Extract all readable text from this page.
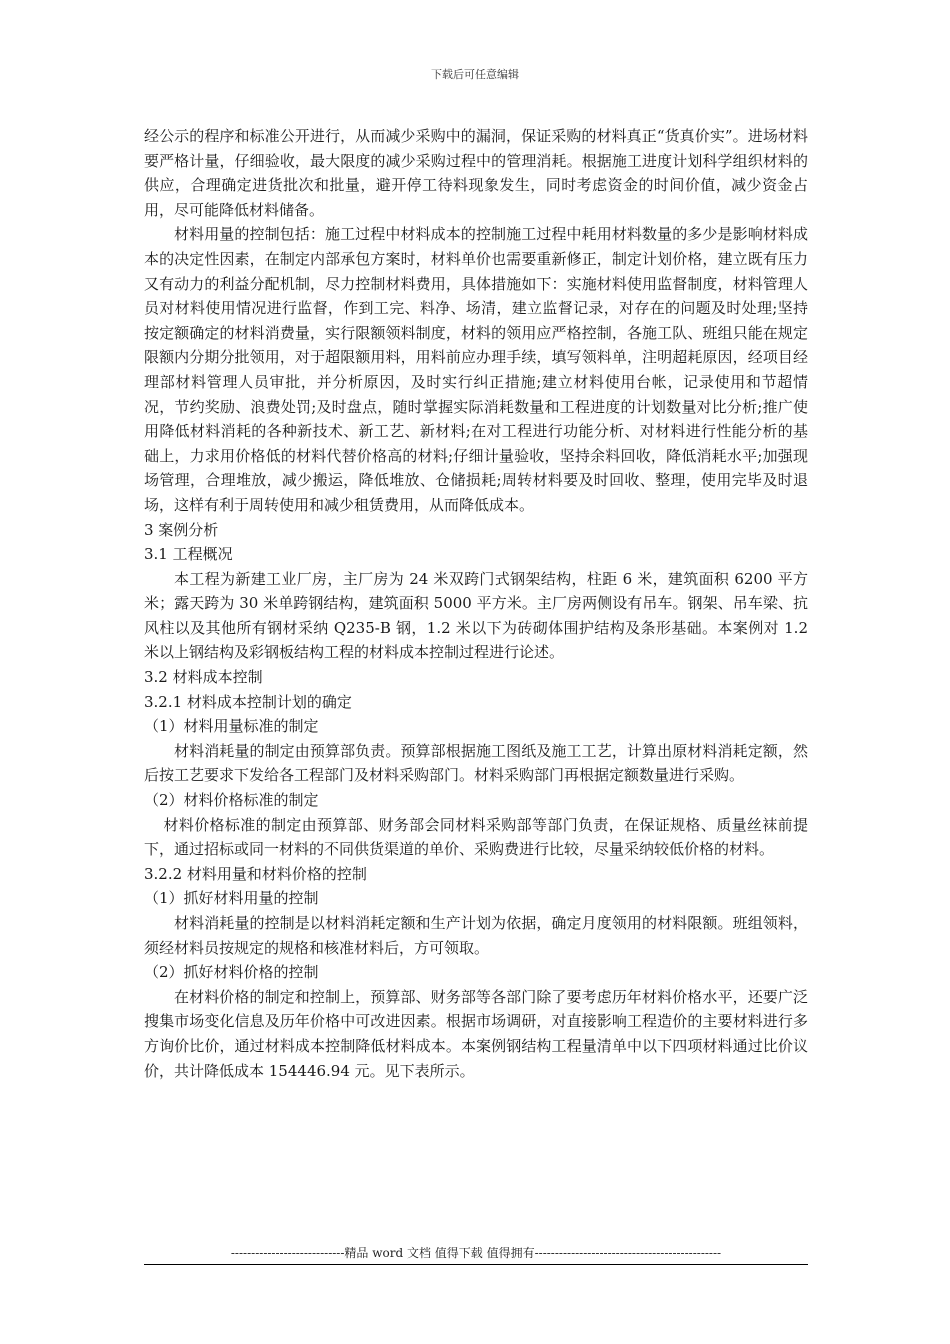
下载后可任意编辑

经公示的程序和标准公开进行，从而减少采购中的漏洞，保证采购的材料真正“货真价实”。进场材料要严格计量，仔细验收，最大限度的减少采购过程中的管理消耗。根据施工进度计划科学组织材料的供应，合理确定进货批次和批量，避开停工待料现象发生，同时考虑资金的时间价值，减少资金占用，尽可能降低材料储备。

材料用量的控制包括：施工过程中材料成本的控制施工过程中耗用材料数量的多少是影响材料成本的决定性因素，在制定内部承包方案时，材料单价也需要重新修正，制定计划价格，建立既有压力又有动力的利益分配机制，尽力控制材料费用，具体措施如下：实施材料使用监督制度，材料管理人员对材料使用情况进行监督，作到工完、料净、场清，建立监督记录，对存在的问题及时处理;坚持按定额确定的材料消费量，实行限额领料制度，材料的领用应严格控制，各施工队、班组只能在规定限额内分期分批领用，对于超限额用料，用料前应办理手续，填写领料单，注明超耗原因，经项目经理部材料管理人员审批，并分析原因，及时实行纠正措施;建立材料使用台帐，记录使用和节超情况，节约奖励、浪费处罚;及时盘点，随时掌握实际消耗数量和工程进度的计划数量对比分析;推广使用降低材料消耗的各种新技术、新工艺、新材料;在对工程进行功能分析、对材料进行性能分析的基础上，力求用价格低的材料代替价格高的材料;仔细计量验收，坚持余料回收，降低消耗水平;加强现场管理，合理堆放，减少搬运，降低堆放、仓储损耗;周转材料要及时回收、整理，使用完毕及时退场，这样有利于周转使用和减少租赁费用，从而降低成本。

3 案例分析

3.1 工程概况

本工程为新建工业厂房，主厂房为 24 米双跨门式钢架结构，柱距 6 米，建筑面积 6200 平方米；露天跨为 30 米单跨钢结构，建筑面积 5000 平方米。主厂房两侧设有吊车。钢架、吊车梁、抗风柱以及其他所有钢材采纳 Q235-B 钢，1.2 米以下为砖砌体围护结构及条形基础。本案例对 1.2 米以上钢结构及彩钢板结构工程的材料成本控制过程进行论述。

3.2 材料成本控制

3.2.1 材料成本控制计划的确定

（1）材料用量标准的制定

材料消耗量的制定由预算部负责。预算部根据施工图纸及施工工艺，计算出原材料消耗定额，然后按工艺要求下发给各工程部门及材料采购部门。材料采购部门再根据定额数量进行采购。

（2）材料价格标准的制定

材料价格标准的制定由预算部、财务部会同材料采购部等部门负责，在保证规格、质量丝袜前提下，通过招标或同一材料的不同供货渠道的单价、采购费进行比较，尽量采纳较低价格的材料。

3.2.2 材料用量和材料价格的控制

（1）抓好材料用量的控制

材料消耗量的控制是以材料消耗定额和生产计划为依据，确定月度领用的材料限额。班组领料，须经材料员按规定的规格和核准材料后，方可领取。

（2）抓好材料价格的控制

在材料价格的制定和控制上，预算部、财务部等各部门除了要考虑历年材料价格水平，还要广泛搜集市场变化信息及历年价格中可改进因素。根据市场调研，对直接影响工程造价的主要材料进行多方询价比价，通过材料成本控制降低材料成本。本案例钢结构工程量清单中以下四项材料通过比价议价，共计降低成本 154446.94 元。见下表所示。

----------------------------精品 word 文档 值得下载 值得拥有----------------------------------------------
